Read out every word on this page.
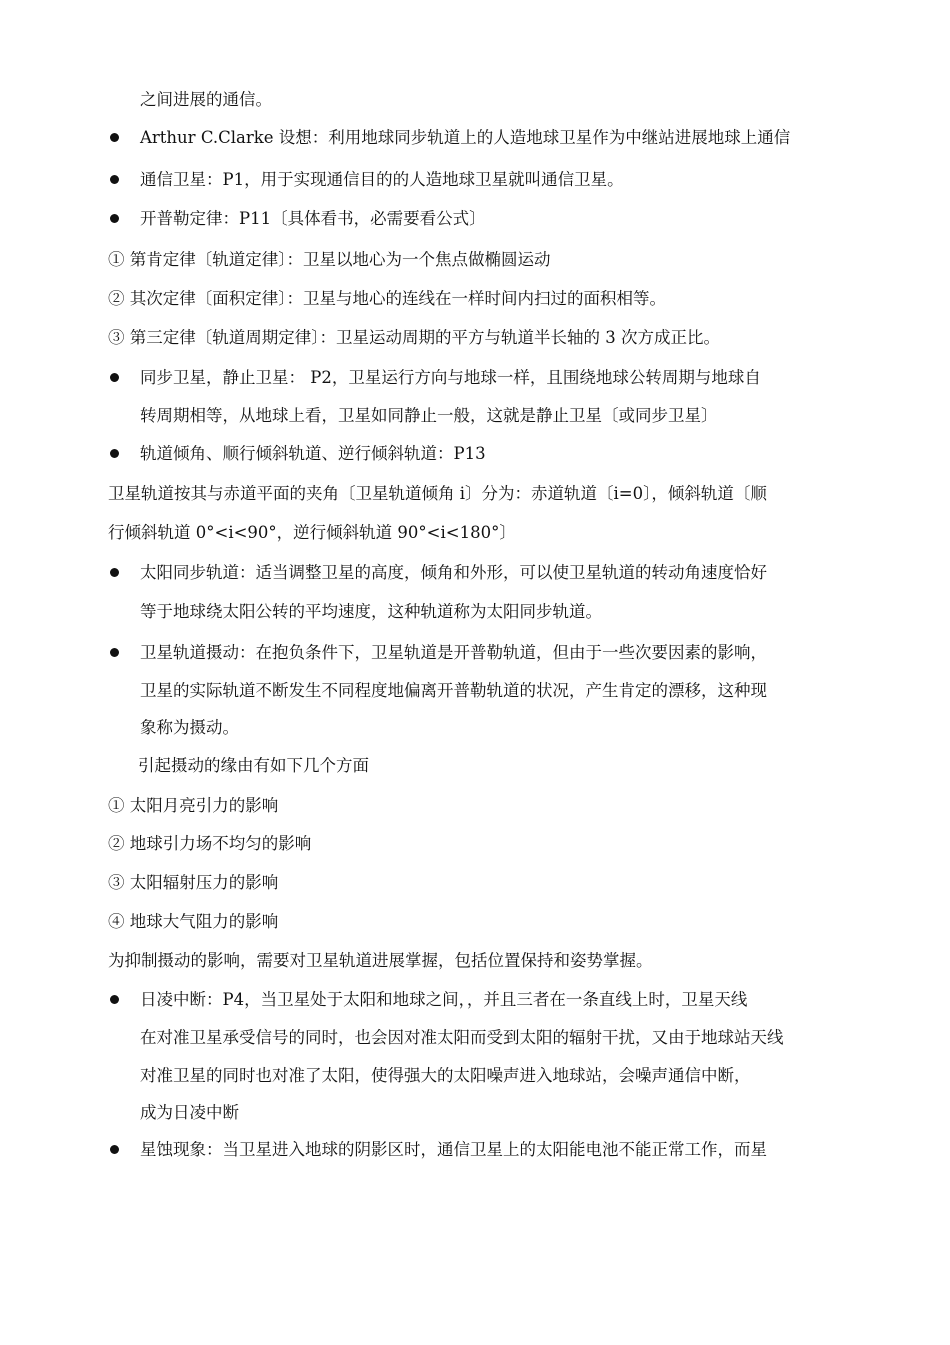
之间进展的通信。
Arthur C.Clarke 设想：利用地球同步轨道上的人造地球卫星作为中继站进展地球上通信
通信卫星：P1，用于实现通信目的的人造地球卫星就叫通信卫星。
开普勒定律：P11〔具体看书，必需要看公式〕
① 第肯定律〔轨道定律〕：卫星以地心为一个焦点做椭圆运动
② 其次定律〔面积定律〕：卫星与地心的连线在一样时间内扫过的面积相等。
③ 第三定律〔轨道周期定律〕：卫星运动周期的平方与轨道半长轴的 3 次方成正比。
同步卫星，静止卫星： P2，卫星运行方向与地球一样，且围绕地球公转周期与地球自
转周期相等，从地球上看，卫星如同静止一般，这就是静止卫星〔或同步卫星〕
轨道倾角、顺行倾斜轨道、逆行倾斜轨道：P13
卫星轨道按其与赤道平面的夹角〔卫星轨道倾角 i〕分为：赤道轨道〔i=0〕，倾斜轨道〔顺
行倾斜轨道 0°<i<90°，逆行倾斜轨道 90°<i<180°〕
太阳同步轨道：适当调整卫星的高度，倾角和外形，可以使卫星轨道的转动角速度恰好
等于地球绕太阳公转的平均速度，这种轨道称为太阳同步轨道。
卫星轨道摄动：在抱负条件下，卫星轨道是开普勒轨道，但由于一些次要因素的影响，
卫星的实际轨道不断发生不同程度地偏离开普勒轨道的状况，产生肯定的漂移，这种现
象称为摄动。
引起摄动的缘由有如下几个方面
① 太阳月亮引力的影响
② 地球引力场不均匀的影响
③ 太阳辐射压力的影响
④ 地球大气阻力的影响
为抑制摄动的影响，需要对卫星轨道进展掌握，包括位置保持和姿势掌握。
日凌中断：P4，当卫星处于太阳和地球之间，，并且三者在一条直线上时，卫星天线
在对准卫星承受信号的同时，也会因对准太阳而受到太阳的辐射干扰，又由于地球站天线
对准卫星的同时也对准了太阳，使得强大的太阳噪声进入地球站，会噪声通信中断，
成为日凌中断
星蚀现象：当卫星进入地球的阴影区时，通信卫星上的太阳能电池不能正常工作，而星
